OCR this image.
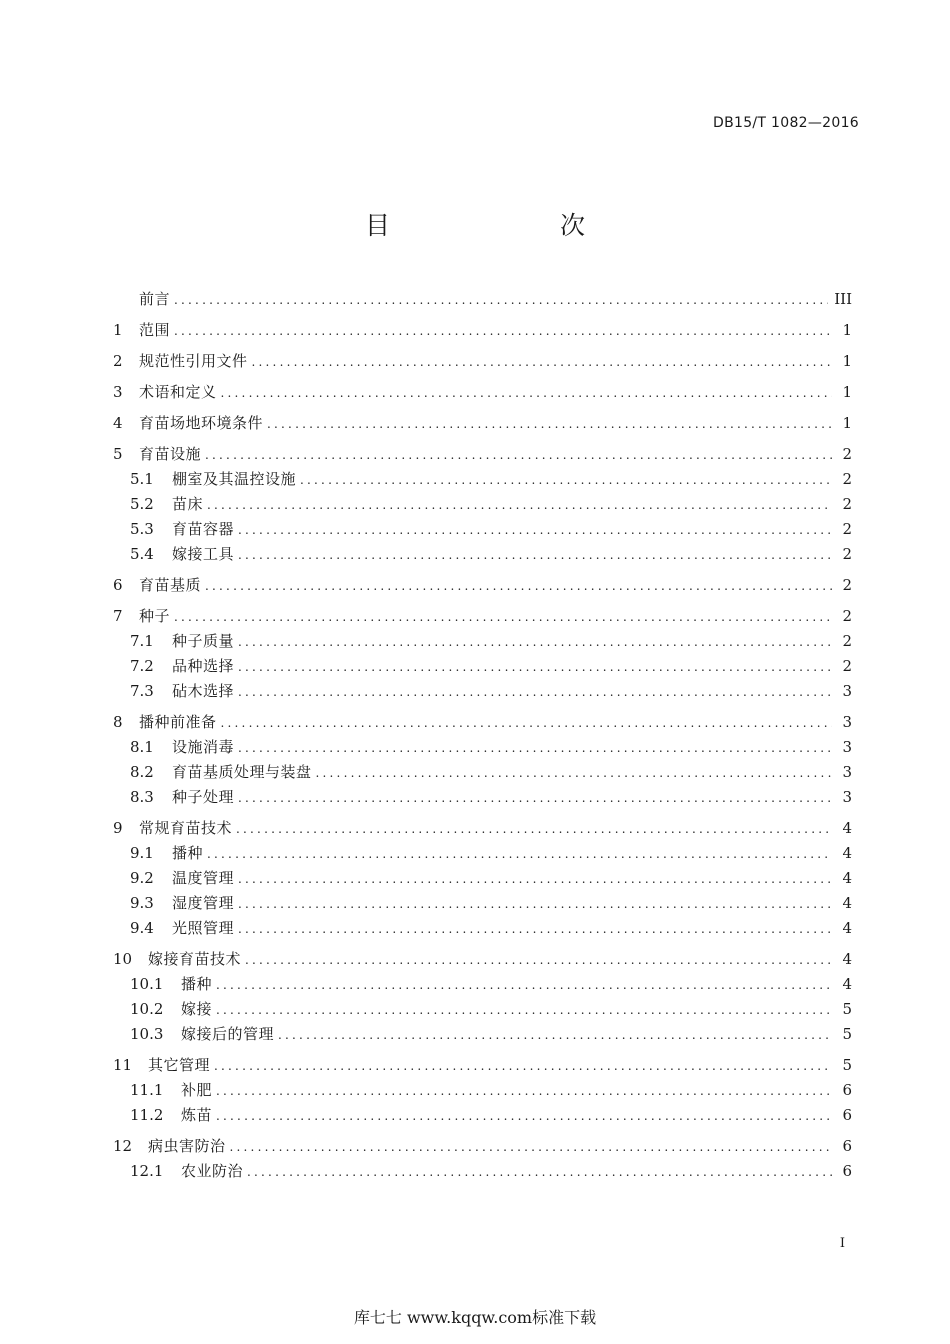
DB15/T 1082—2016
目　　次
前言 .....	III
1	范围 .....	1
2	规范性引用文件 .....	1
3	术语和定义 .....	1
4	育苗场地环境条件 .....	1
5	育苗设施 .....	2
5.1	棚室及其温控设施 .....	2
5.2	苗床 .....	2
5.3	育苗容器 .....	2
5.4	嫁接工具 .....	2
6	育苗基质 .....	2
7	种子 .....	2
7.1	种子质量 .....	2
7.2	品种选择 .....	2
7.3	砧木选择 .....	3
8	播种前准备 .....	3
8.1	设施消毒 .....	3
8.2	育苗基质处理与装盘 .....	3
8.3	种子处理 .....	3
9	常规育苗技术 .....	4
9.1	播种 .....	4
9.2	温度管理 .....	4
9.3	湿度管理 .....	4
9.4	光照管理 .....	4
10	嫁接育苗技术 .....	4
10.1	播种 .....	4
10.2	嫁接 .....	5
10.3	嫁接后的管理 .....	5
11	其它管理 .....	5
11.1	补肥 .....	6
11.2	炼苗 .....	6
12	病虫害防治 .....	6
12.1	农业防治 .....	6
I
库七七 www.kqqw.com标准下载
